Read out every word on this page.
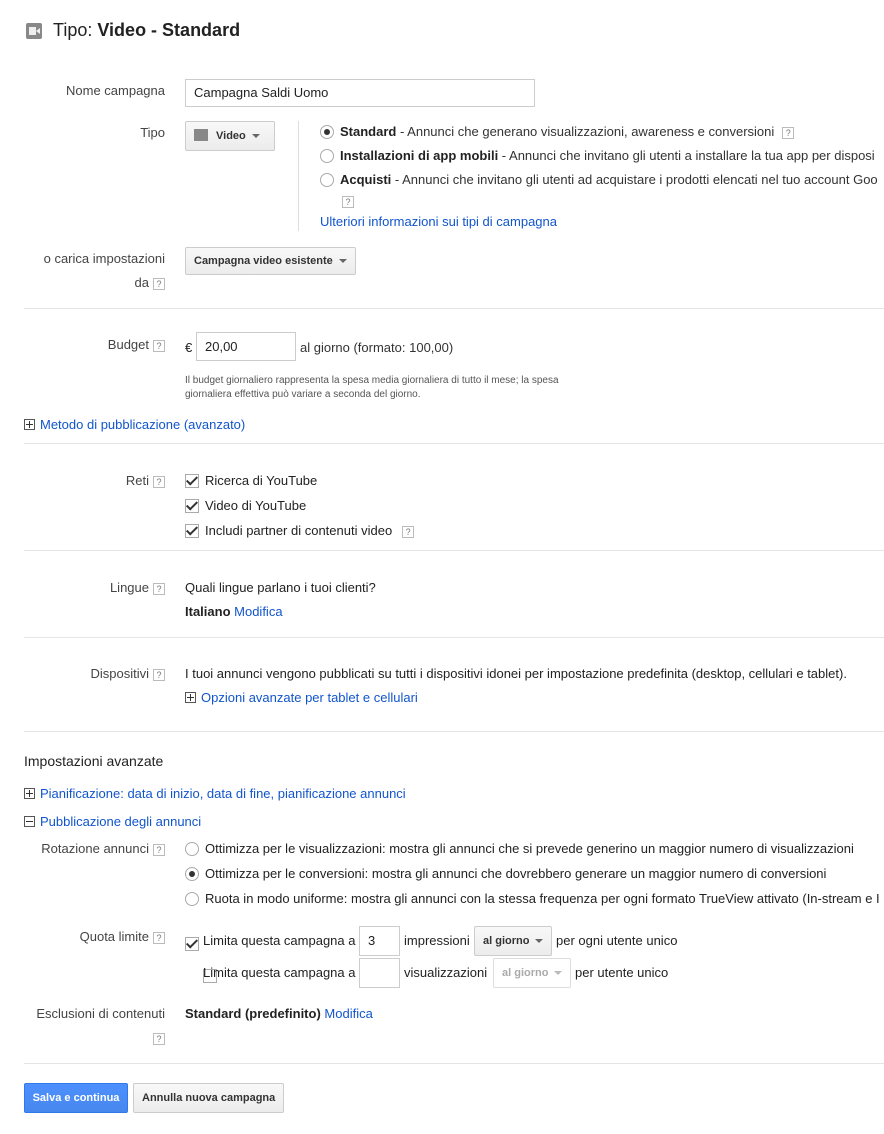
Tipo: Video - Standard
Nome campagna	Campagna Saldi Uomo
Tipo	Video	Standard - Annunci che generano visualizzazioni, awareness e conversioni ?
Installazioni di app mobili - Annunci che invitano gli utenti a installare la tua app per disposi
Acquisti - Annunci che invitano gli utenti ad acquistare i prodotti elencati nel tuo account Goo
?
Ulteriori informazioni sui tipi di campagna
o carica impostazioni
da ?
Campagna video esistente
Budget ? € 20,00	al giorno (formato: 100,00)
Il budget giornaliero rappresenta la spesa media giornaliera di tutto il mese; la spesa
giornaliera effettiva può variare a seconda del giorno.
Metodo di pubblicazione (avanzato)
Reti ?	Ricerca di YouTube
Video di YouTube
Includi partner di contenuti video ?
Lingue ? Quali lingue parlano i tuoi clienti?
Italiano Modifica
Dispositivi ? I tuoi annunci vengono pubblicati su tutti i dispositivi idonei per impostazione predefinita (desktop, cellulari e tablet).
Opzioni avanzate per tablet e cellulari
Impostazioni avanzate
Pianificazione: data di inizio, data di fine, pianificazione annunci
Pubblicazione degli annunci
Rotazione annunci ?	Ottimizza per le visualizzazioni: mostra gli annunci che si prevede generino un maggior numero di visualizzazioni
Ottimizza per le conversioni: mostra gli annunci che dovrebbero generare un maggior numero di conversioni
Ruota in modo uniforme: mostra gli annunci con la stessa frequenza per ogni formato TrueView attivato (In-stream e I
Quota limite ?
	Limita questa campagna a 3	impressioni	al giorno	per ogni utente unico
Limita questa campagna a	visualizzazioni	al giorno	per utente unico
Esclusioni di contenuti
?
Standard (predefinito) Modifica
Salva e continua	Annulla nuova campagna
